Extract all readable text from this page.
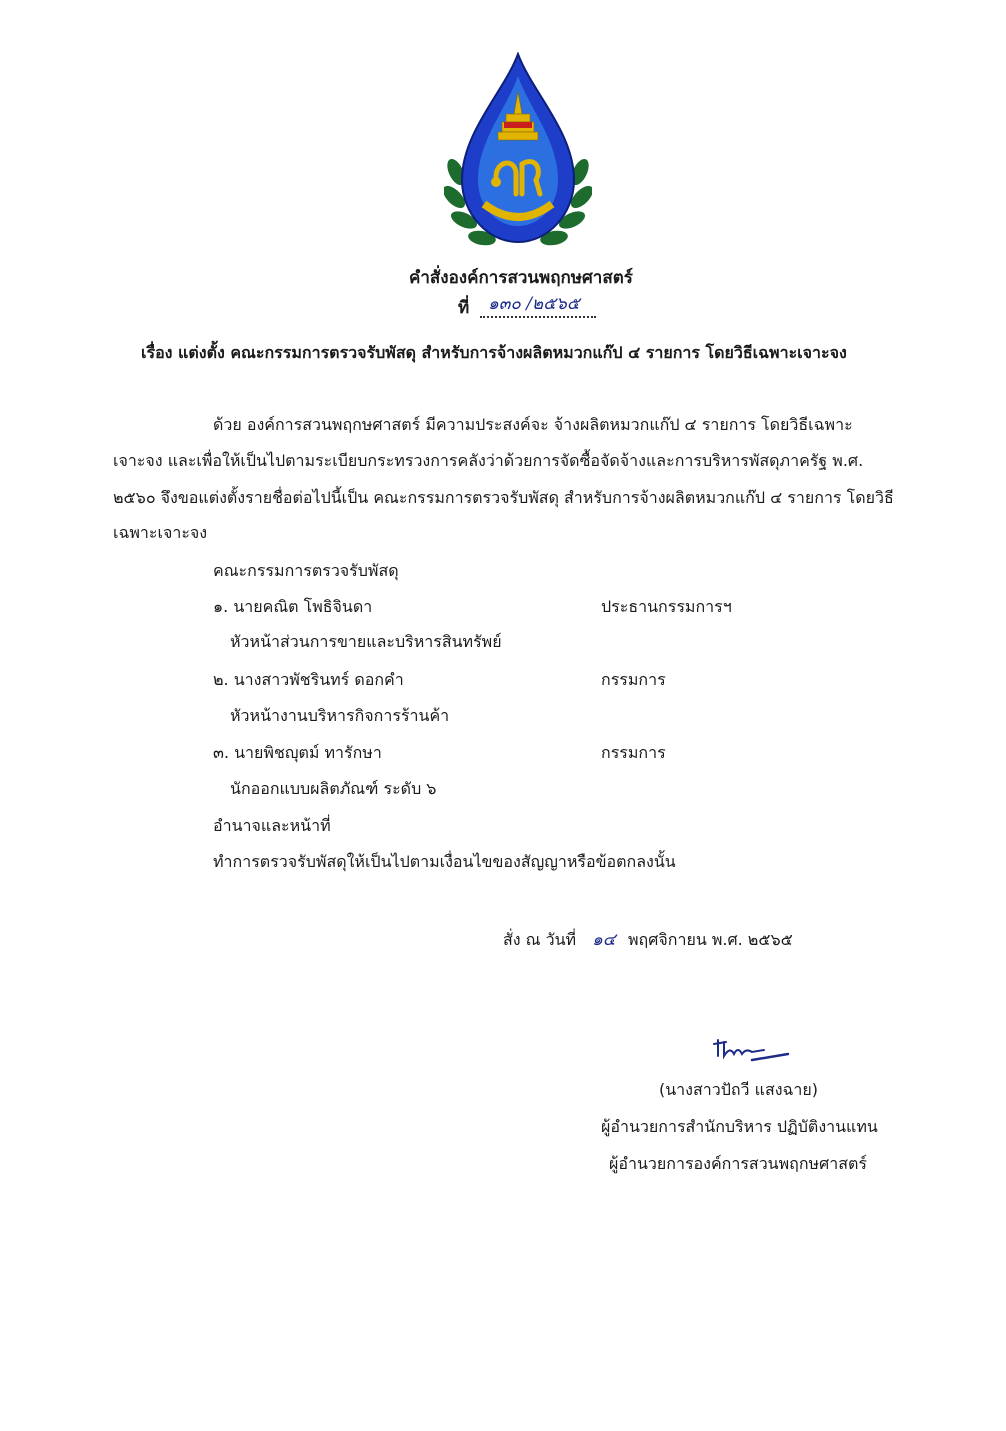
คำสั่งองค์การสวนพฤกษศาสตร์
ที่	๑๓๐ /๒๕๖๕
เรื่อง แต่งตั้ง คณะกรรมการตรวจรับพัสดุ สำหรับการจ้างผลิตหมวกแก๊ป ๔ รายการ โดยวิธีเฉพาะเจาะจง
ด้วย องค์การสวนพฤกษศาสตร์ มีความประสงค์จะ จ้างผลิตหมวกแก๊ป ๔ รายการ โดยวิธีเฉพาะ
เจาะจง และเพื่อให้เป็นไปตามระเบียบกระทรวงการคลังว่าด้วยการจัดซื้อจัดจ้างและการบริหารพัสดุภาครัฐ พ.ศ.
๒๕๖๐ จึงขอแต่งตั้งรายชื่อต่อไปนี้เป็น คณะกรรมการตรวจรับพัสดุ สำหรับการจ้างผลิตหมวกแก๊ป ๔ รายการ โดยวิธี
เฉพาะเจาะจง
คณะกรรมการตรวจรับพัสดุ
๑. นายคณิต โพธิจินดา	ประธานกรรมการฯ
หัวหน้าส่วนการขายและบริหารสินทรัพย์
๒. นางสาวพัชรินทร์ ดอกคำ	กรรมการ
หัวหน้างานบริหารกิจการร้านค้า
๓. นายพิชญุตม์ ทารักษา	กรรมการ
นักออกแบบผลิตภัณฑ์ ระดับ ๖
อำนาจและหน้าที่
ทำการตรวจรับพัสดุให้เป็นไปตามเงื่อนไขของสัญญาหรือข้อตกลงนั้น
สั่ง ณ วันที่ ๑๔ พฤศจิกายน พ.ศ. ๒๕๖๕
(นางสาวปัถวี แสงฉาย)
ผู้อำนวยการสำนักบริหาร ปฏิบัติงานแทน
ผู้อำนวยการองค์การสวนพฤกษศาสตร์
